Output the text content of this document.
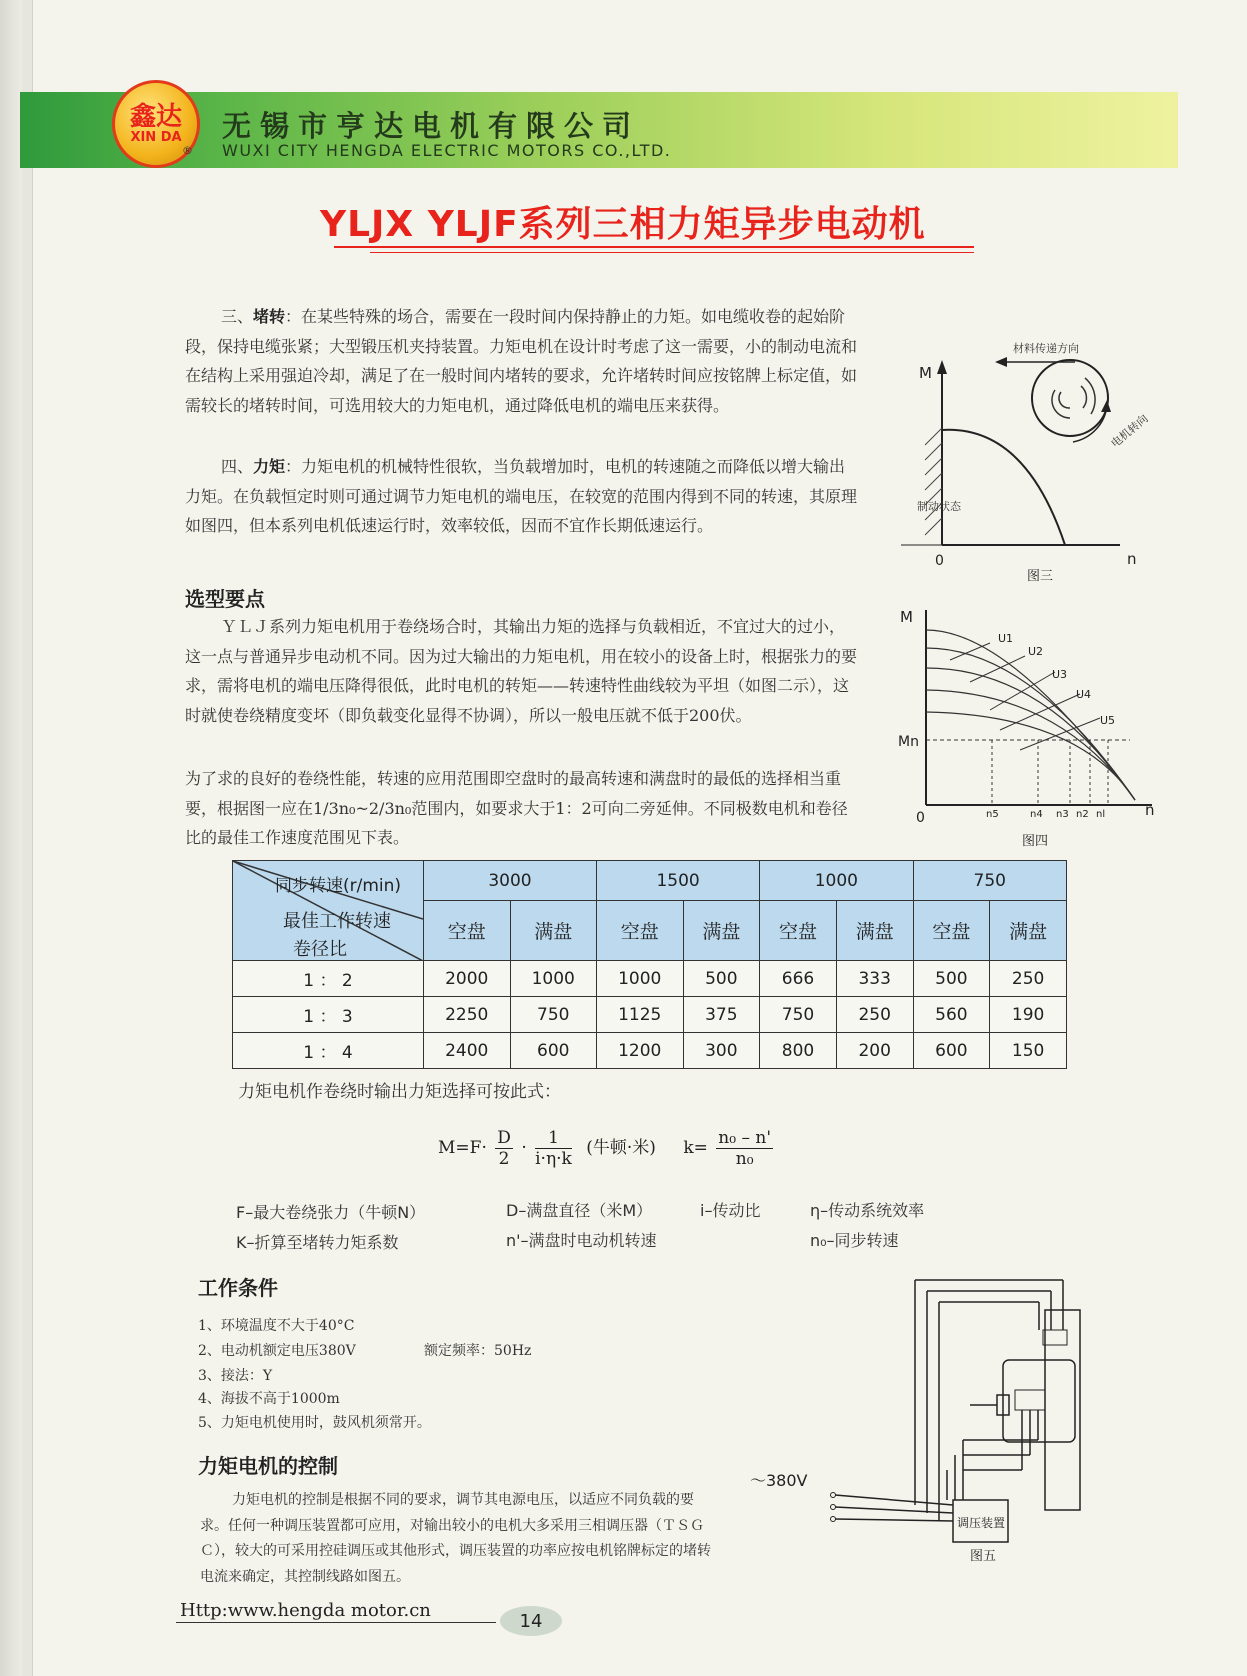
鑫达
XIN DA
®
无锡市亨达电机有限公司
WUXI CITY HENGDA ELECTRIC MOTORS CO.,LTD.
YLJX YLJF系列三相力矩异步电动机

三、堵转：在某些特殊的场合，需要在一段时间内保持静止的力矩。如电缆收卷的起始阶段，保持电缆张紧；大型锻压机夹持装置。力矩电机在设计时考虑了这一需要，小的制动电流和在结构上采用强迫冷却，满足了在一般时间内堵转的要求，允许堵转时间应按铭牌上标定值，如需较长的堵转时间，可选用较大的力矩电机，通过降低电机的端电压来获得。

四、力矩：力矩电机的机械特性很软，当负载增加时，电机的转速随之而降低以增大输出力矩。在负载恒定时则可通过调节力矩电机的端电压，在较宽的范围内得到不同的转速，其原理如图四，但本系列电机低速运行时，效率较低，因而不宜作长期低速运行。

选型要点

ＹＬＪ系列力矩电机用于卷绕场合时，其输出力矩的选择与负载相近，不宜过大的过小，这一点与普通异步电动机不同。因为过大输出的力矩电机，用在较小的设备上时，根据张力的要求，需将电机的端电压降得很低，此时电机的转矩——转速特性曲线较为平坦（如图二示），这时就使卷绕精度变坏（即负载变化显得不协调），所以一般电压就不低于200伏。

为了求的良好的卷绕性能，转速的应用范围即空盘时的最高转速和满盘时的最低的选择相当重要，根据图一应在1/3n₀~2/3n₀范围内，如要求大于1：2可向二旁延伸。不同极数电机和卷径比的最佳工作速度范围见下表。

M
0	n
图三
材料传递方向
制动状态
电机转向
M
Mn
0	n
U1
U2
U3
U4
U5
n5	n4 n3 n2 nl
图四
同步转速(r/min)
最佳工作转速
卷径比	3000		1500		1000		750	
	空盘	满盘	空盘	满盘	空盘	满盘	空盘	满盘
1 ： 2	2000	1000	1000	500	666	333	500	250
1 ： 3	2250	750	1125	375	750	250	560	190
1 ： 4	2400	600	1200	300	800	200	600	150
力矩电机作卷绕时输出力矩选择可按此式：
$M=F\cdot \frac{D}{2} \cdot \frac{1}{i\cdot\eta\cdot k}$ (牛顿·米) $k= \frac{\text{n₀ – n'}}{\text{n₀}}$
F–最大卷绕张力（牛顿N）	D–满盘直径（米M）	i–传动比	η–传动系统效率
K–折算至堵转力矩系数	n'–满盘时电动机转速	n₀–同步转速
工作条件
1、环境温度不大于40°C
2、电动机额定电压380V	额定频率：50Hz
3、接法：Y
4、海拔不高于1000m
5、力矩电机使用时，鼓风机须常开。
力矩电机的控制

力矩电机的控制是根据不同的要求，调节其电源电压，以适应不同负载的要求。任何一种调压装置都可应用，对输出较小的电机大多采用三相调压器（ＴＳＧＣ），较大的可采用控硅调压或其他形式，调压装置的功率应按电机铭牌标定的堵转电流来确定，其控制线路如图五。

～380V
调压装置
图五
Http:www.hengda motor.cn	14
